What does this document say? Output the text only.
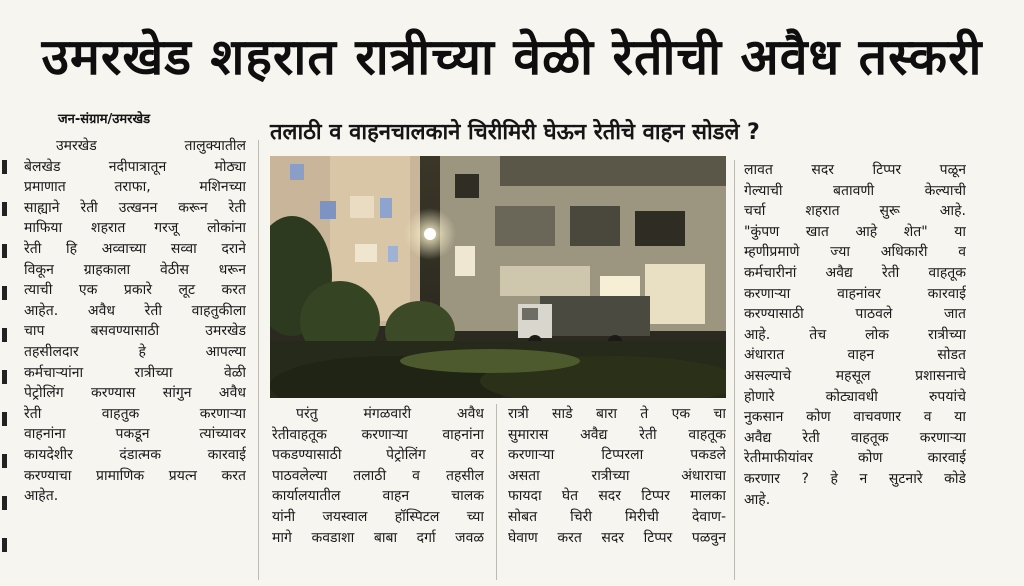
उमरखेड शहरात रात्रीच्या वेळी रेतीची अवैध तस्करी
जन-संग्राम/उमरखेड
तलाठी व वाहनचालकाने चिरीमिरी घेऊन रेतीचे वाहन सोडले ?
उमरखेड तालुक्यातील
बेलखेड नदीपात्रातून मोठ्या
प्रमाणात तराफा, मशिनच्या
साह्याने रेती उत्खनन करून रेती
माफिया शहरात गरजू लोकांना
रेती हि अव्वाच्या सव्वा दराने
विकून ग्राहकाला वेठीस धरून
त्याची एक प्रकारे लूट करत
आहेत. अवैध रेती वाहतुकीला
चाप बसवण्यासाठी उमरखेड
तहसीलदार हे आपल्या
कर्मचाऱ्यांना रात्रीच्या वेळी
पेट्रोलिंग करण्यास सांगुन अवैध
रेती वाहतुक करणाऱ्या
वाहनांना पकडून त्यांच्यावर
कायदेशीर दंडात्मक कारवाई
करण्याचा प्रामाणिक प्रयत्न करत
आहेत.
परंतु मंगळवारी अवैध
रेतीवाहतूक करणाऱ्या वाहनांना
पकडण्यासाठी पेट्रोलिंग वर
पाठवलेल्या तलाठी व तहसील
कार्यालयातील वाहन चालक
यांनी जयस्वाल हॉस्पिटल च्या
मागे कवडाशा बाबा दर्गा जवळ
रात्री साडे बारा ते एक चा
सुमारास अवैद्य रेती वाहतूक
करणाऱ्या टिप्परला पकडले
असता रात्रीच्या अंधाराचा
फायदा घेत सदर टिप्पर मालका
सोबत चिरी मिरीची देवाण-
घेवाण करत सदर टिप्पर पळवुन
लावत सदर टिप्पर पळून
गेल्याची बतावणी केल्याची
चर्चा शहरात सुरू आहे.
"कुंपण खात आहे शेत" या
म्हणीप्रमाणे ज्या अधिकारी व
कर्मचारीनां अवैद्य रेती वाहतूक
करणाऱ्या वाहनांवर कारवाई
करण्यासाठी पाठवले जात
आहे. तेच लोक रात्रीच्या
अंधारात वाहन सोडत
असल्याचे महसूल प्रशासनाचे
होणारे कोट्यावधी रुपयांचे
नुकसान कोण वाचवणार व या
अवैद्य रेती वाहतूक करणाऱ्या
रेतीमाफीयांवर कोण कारवाई
करणार ? हे न सुटनारे कोडे
आहे.
